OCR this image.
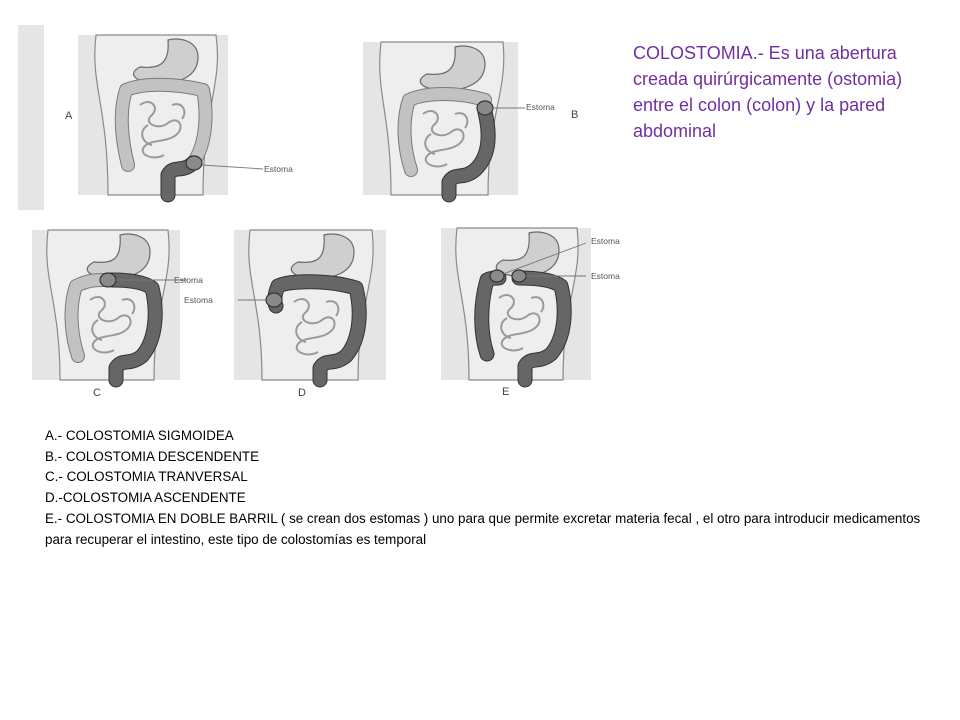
A
Estoma
Estoma
B
Estoma
C
Estoma
D
Estoma
Estoma
E

COLOSTOMIA.- Es una abertura creada quirúrgicamente (ostomia) entre el colon (colon) y la pared abdominal

A.- COLOSTOMIA SIGMOIDEA
B.- COLOSTOMIA DESCENDENTE
C.- COLOSTOMIA TRANVERSAL
D.-COLOSTOMIA ASCENDENTE
E.- COLOSTOMIA EN DOBLE BARRIL ( se crean dos estomas ) uno para que permite excretar materia fecal , el otro para introducir medicamentos para recuperar el intestino, este tipo de colostomías es temporal
